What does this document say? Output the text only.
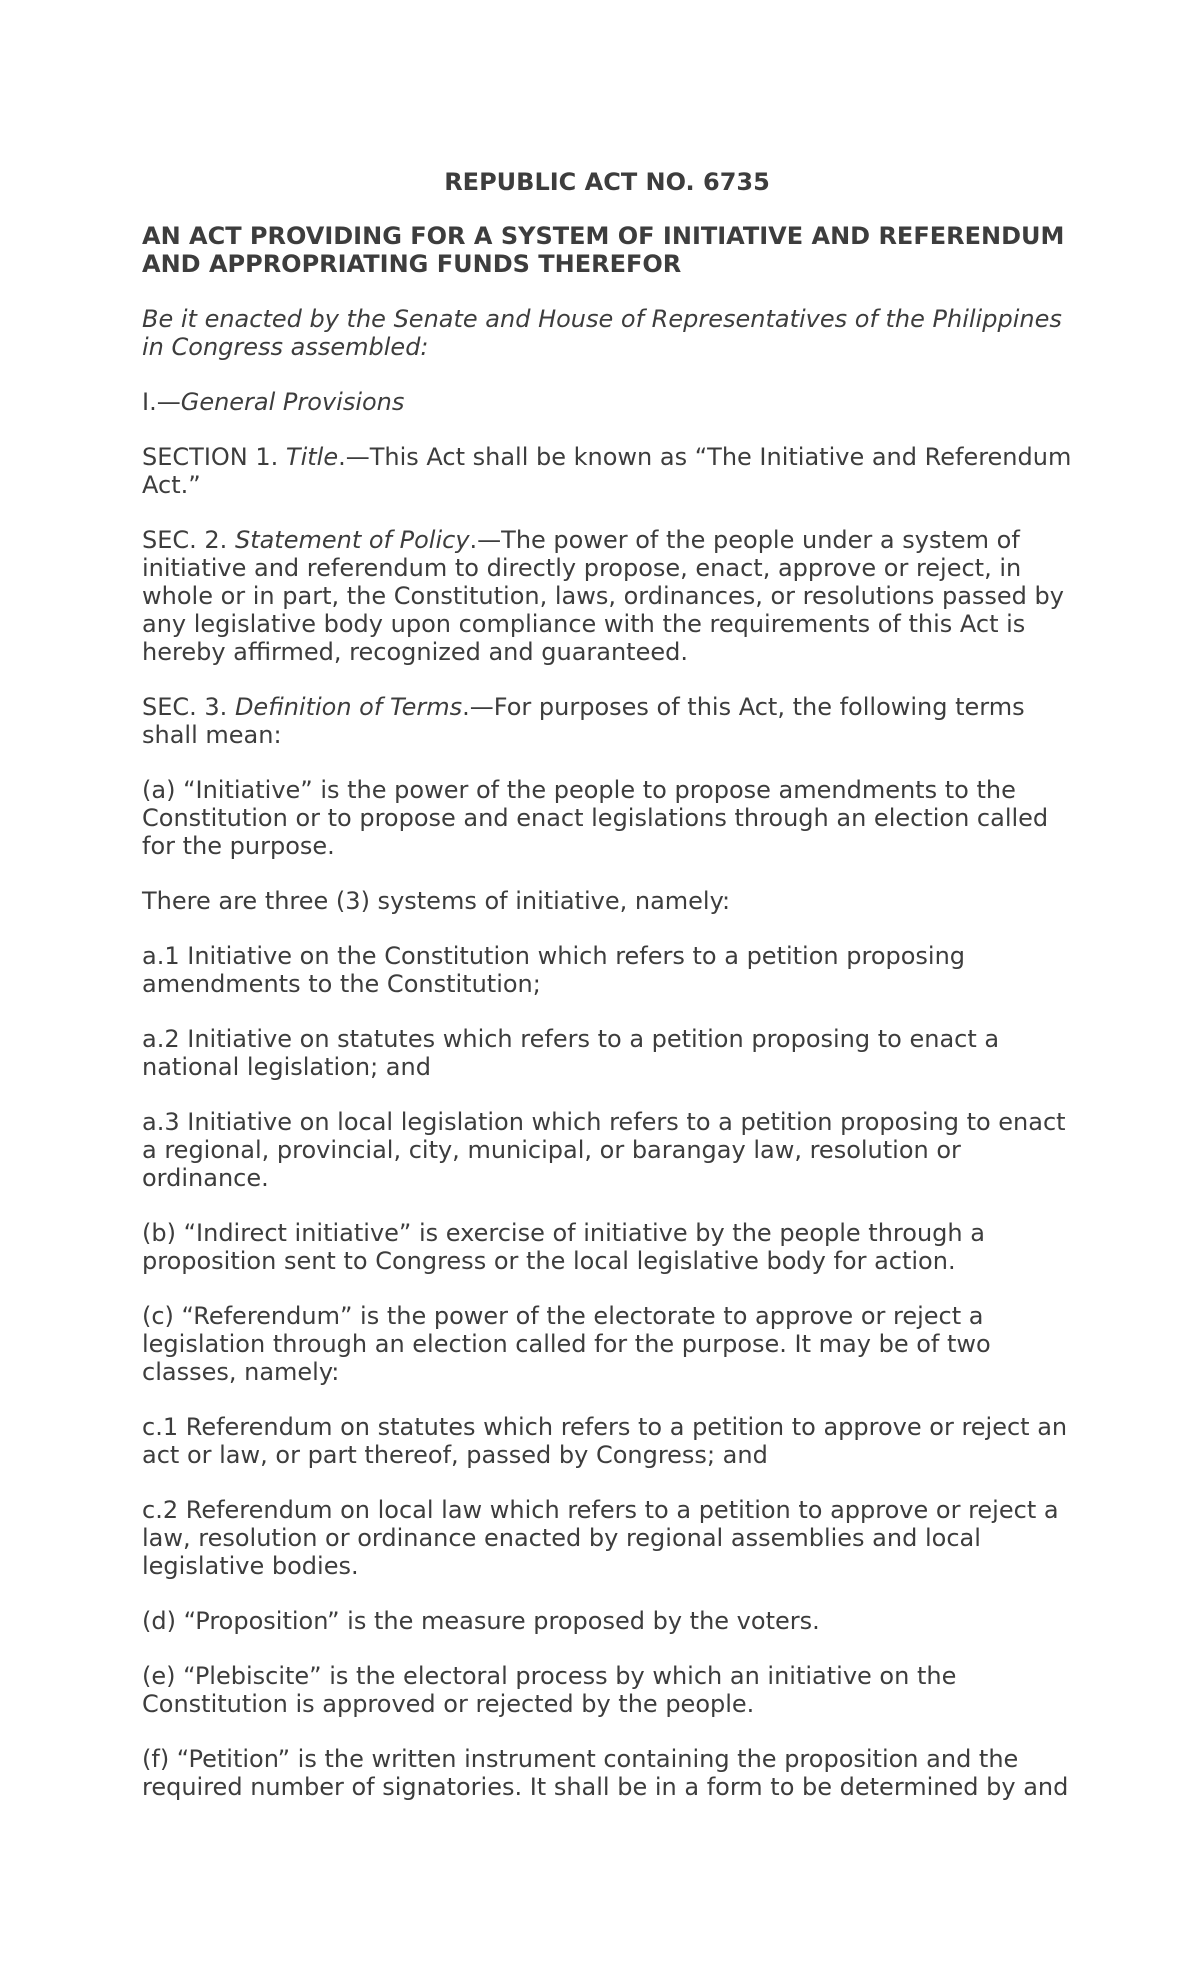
REPUBLIC ACT NO. 6735
AN ACT PROVIDING FOR A SYSTEM OF INITIATIVE AND REFERENDUM AND APPROPRIATING FUNDS THEREFOR
Be it enacted by the Senate and House of Representatives of the Philippines in Congress assembled:
I.—General Provisions
SECTION 1. Title.—This Act shall be known as “The Initiative and Referendum Act.”
SEC. 2. Statement of Policy.—The power of the people under a system of initiative and referendum to directly propose, enact, approve or reject, in whole or in part, the Constitution, laws, ordinances, or resolutions passed by any legislative body upon compliance with the requirements of this Act is hereby affirmed, recognized and guaranteed.
SEC. 3. Definition of Terms.—For purposes of this Act, the following terms shall mean:
(a) “Initiative” is the power of the people to propose amendments to the Constitution or to propose and enact legislations through an election called for the purpose.
There are three (3) systems of initiative, namely:
a.1 Initiative on the Constitution which refers to a petition proposing amendments to the Constitution;
a.2 Initiative on statutes which refers to a petition proposing to enact a national legislation; and
a.3 Initiative on local legislation which refers to a petition proposing to enact a regional, provincial, city, municipal, or barangay law, resolution or ordinance.
(b) “Indirect initiative” is exercise of initiative by the people through a proposition sent to Congress or the local legislative body for action.
(c) “Referendum” is the power of the electorate to approve or reject a legislation through an election called for the purpose. It may be of two classes, namely:
c.1 Referendum on statutes which refers to a petition to approve or reject an act or law, or part thereof, passed by Congress; and
c.2 Referendum on local law which refers to a petition to approve or reject a law, resolution or ordinance enacted by regional assemblies and local legislative bodies.
(d) “Proposition” is the measure proposed by the voters.
(e) “Plebiscite” is the electoral process by which an initiative on the Constitution is approved or rejected by the people.
(f) “Petition” is the written instrument containing the proposition and the required number of signatories. It shall be in a form to be determined by and
